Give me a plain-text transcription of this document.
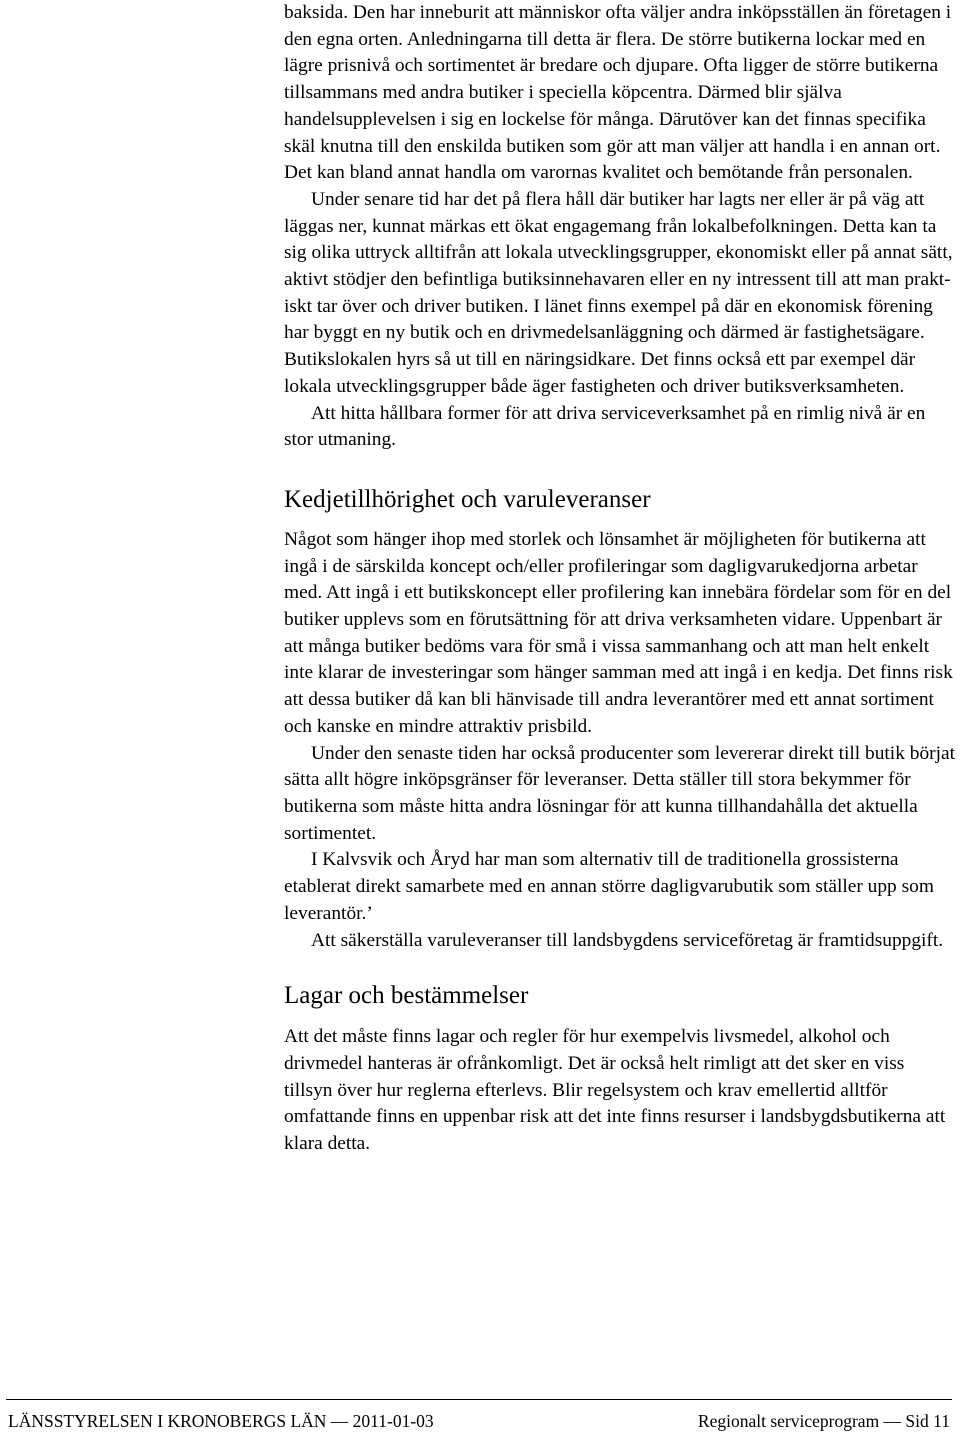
baksida. Den har inneburit att människor ofta väljer andra inköpsställen än företagen i den egna orten. Anledningarna till detta är flera. De större butikerna lockar med en lägre prisnivå och sortimentet är bredare och djupare. Ofta ligger de större butikerna tillsammans med andra butiker i speciella köpcentra. Därmed blir själva handelsupplevelsen i sig en lockelse för många. Därutöver kan det finnas specifika skäl knutna till den enskilda butiken som gör att man väljer att handla i en annan ort. Det kan bland annat handla om varornas kvalitet och bemötande från personalen.

Under senare tid har det på flera håll där butiker har lagts ner eller är på väg att läggas ner, kunnat märkas ett ökat engagemang från lokalbefolkningen. Detta kan ta sig olika uttryck alltifrån att lokala utvecklingsgrupper, ekonomiskt eller på annat sätt, aktivt stödjer den befintliga butiksinnehavaren eller en ny intressent till att man praktiskt tar över och driver butiken. I länet finns exempel på där en ekonomisk förening har byggt en ny butik och en drivmedelsanläggning och därmed är fastighetsägare. Butikslokalen hyrs så ut till en näringsidkare. Det finns också ett par exempel där lokala utvecklingsgrupper både äger fastigheten och driver butiksverksamheten.

Att hitta hållbara former för att driva serviceverksamhet på en rimlig nivå är en stor utmaning.

Kedjetillhörighet och varuleveranser

Något som hänger ihop med storlek och lönsamhet är möjligheten för butikerna att ingå i de särskilda koncept och/eller profileringar som dagligvarukedjorna arbetar med. Att ingå i ett butikskoncept eller profilering kan innebära fördelar som för en del butiker upplevs som en förutsättning för att driva verksamheten vidare. Uppenbart är att många butiker bedöms vara för små i vissa sammanhang och att man helt enkelt inte klarar de investeringar som hänger samman med att ingå i en kedja. Det finns risk att dessa butiker då kan bli hänvisade till andra leverantörer med ett annat sortiment och kanske en mindre attraktiv prisbild.

Under den senaste tiden har också producenter som levererar direkt till butik börjat sätta allt högre inköpsgränser för leveranser. Detta ställer till stora bekymmer för butikerna som måste hitta andra lösningar för att kunna tillhandahålla det aktuella sortimentet.

I Kalvsvik och Åryd har man som alternativ till de traditionella grossisterna etablerat direkt samarbete med en annan större dagligvarubutik som ställer upp som leverantör.’

Att säkerställa varuleveranser till landsbygdens serviceföretag är framtidsuppgift.

Lagar och bestämmelser

Att det måste finns lagar och regler för hur exempelvis livsmedel, alkohol och drivmedel hanteras är ofrånkomligt. Det är också helt rimligt att det sker en viss tillsyn över hur reglerna efterlevs. Blir regelsystem och krav emellertid alltför omfattande finns en uppenbar risk att det inte finns resurser i landsbygdsbutikerna att klara detta.

LÄNSSTYRELSEN I KRONOBERGS LÄN — 2011-01-03	Regionalt serviceprogram — Sid 11
